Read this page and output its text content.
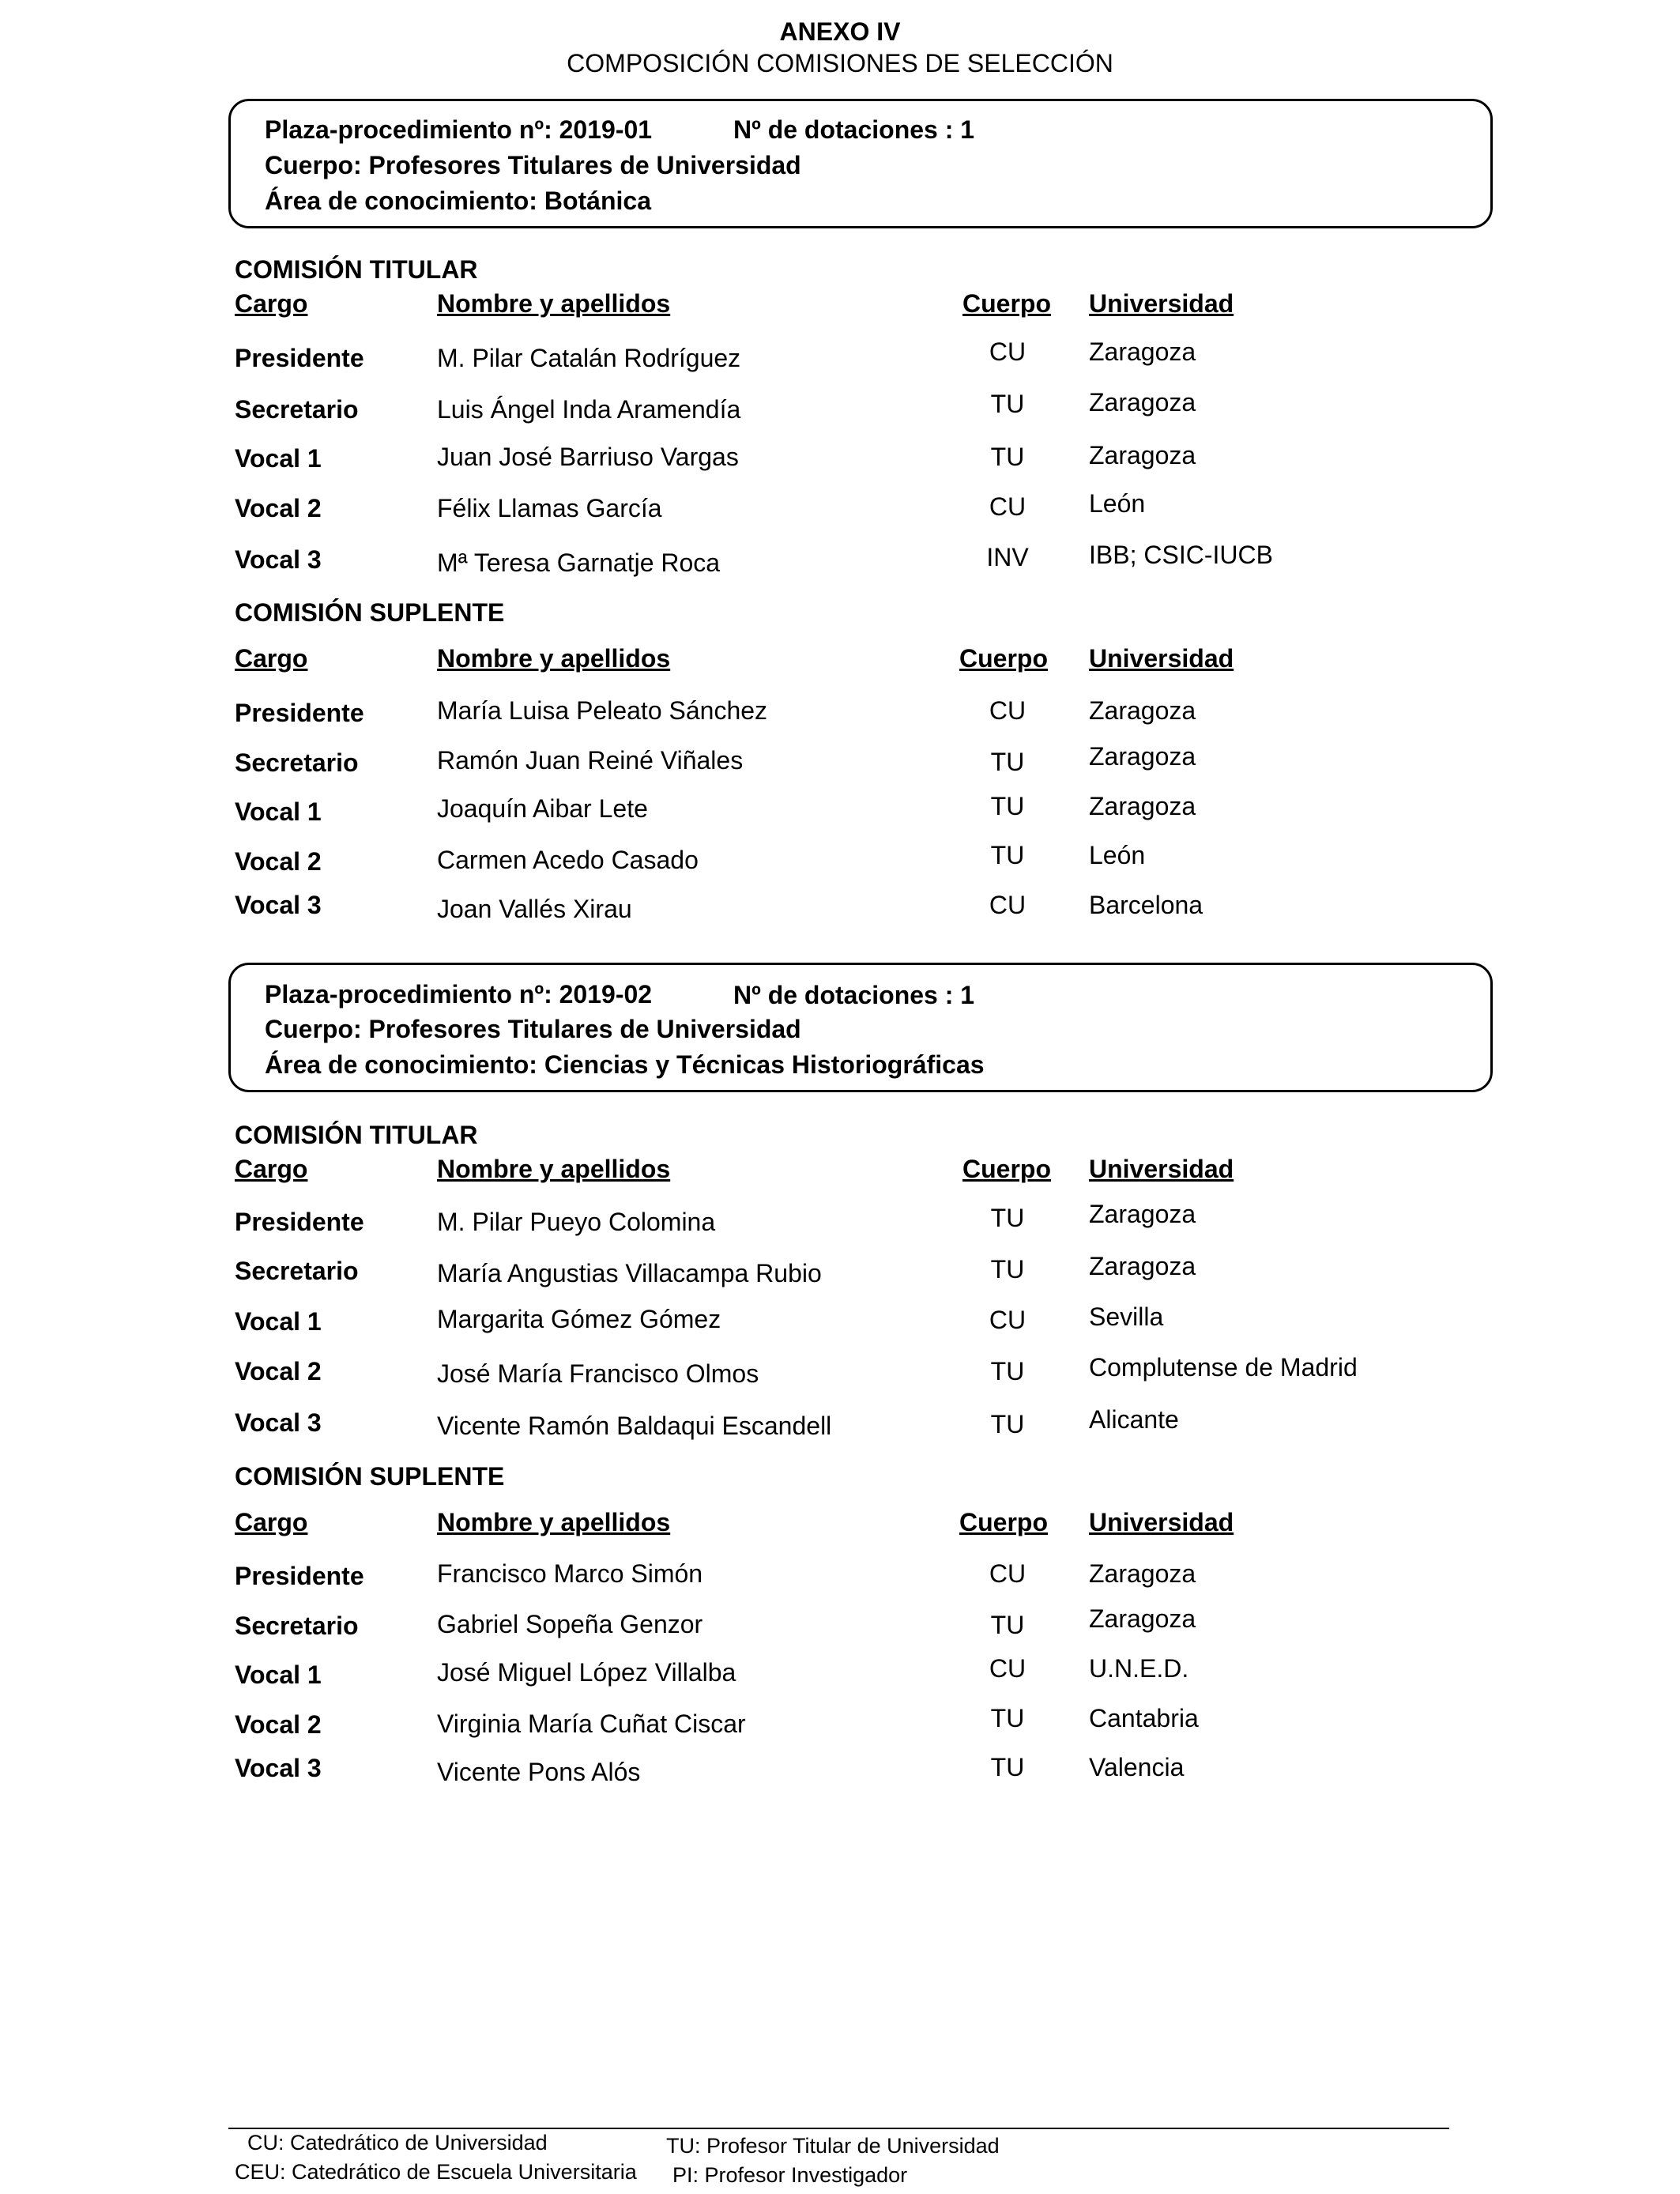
ANEXO IV
COMPOSICIÓN COMISIONES DE SELECCIÓN
Plaza-procedimiento nº: 2019-01	Nº de dotaciones : 1
Cuerpo: Profesores Titulares de Universidad
Área de conocimiento: Botánica
COMISIÓN TITULAR
Cargo	Nombre y apellidos	Cuerpo Universidad
Presidente	M. Pilar Catalán Rodríguez	CU	Zaragoza
Secretario	Luis Ángel Inda Aramendía	TU	Zaragoza
Vocal 1	Juan José Barriuso Vargas	TU	Zaragoza
Vocal 2	Félix Llamas García	CU	León
Vocal 3	Mª Teresa Garnatje Roca	INV	IBB; CSIC-IUCB
COMISIÓN SUPLENTE
Cargo	Nombre y apellidos	Cuerpo Universidad
Presidente	María Luisa Peleato Sánchez	CU	Zaragoza
Secretario	Ramón Juan Reiné Viñales	TU	Zaragoza
Vocal 1	Joaquín Aibar Lete	TU	Zaragoza
Vocal 2	Carmen Acedo Casado	TU	León
Vocal 3	Joan Vallés Xirau	CU	Barcelona
Plaza-procedimiento nº: 2019-02	Nº de dotaciones : 1
Cuerpo: Profesores Titulares de Universidad
Área de conocimiento: Ciencias y Técnicas Historiográficas
COMISIÓN TITULAR
Cargo	Nombre y apellidos	Cuerpo Universidad
Presidente	M. Pilar Pueyo Colomina	TU	Zaragoza
Secretario	María Angustias Villacampa Rubio	TU	Zaragoza
Vocal 1	Margarita Gómez Gómez	CU	Sevilla
Vocal 2	José María Francisco Olmos	TU	Complutense de Madrid
Vocal 3	Vicente Ramón Baldaqui Escandell	TU	Alicante
COMISIÓN SUPLENTE
Cargo	Nombre y apellidos	Cuerpo Universidad
Presidente	Francisco Marco Simón	CU	Zaragoza
Secretario	Gabriel Sopeña Genzor	TU	Zaragoza
Vocal 1	José Miguel López Villalba	CU	U.N.E.D.
Vocal 2	Virginia María Cuñat Ciscar	TU	Cantabria
Vocal 3	Vicente Pons Alós	TU	Valencia
CU: Catedrático de Universidad
CEU: Catedrático de Escuela Universitaria
TU: Profesor Titular de Universidad
PI: Profesor Investigador
